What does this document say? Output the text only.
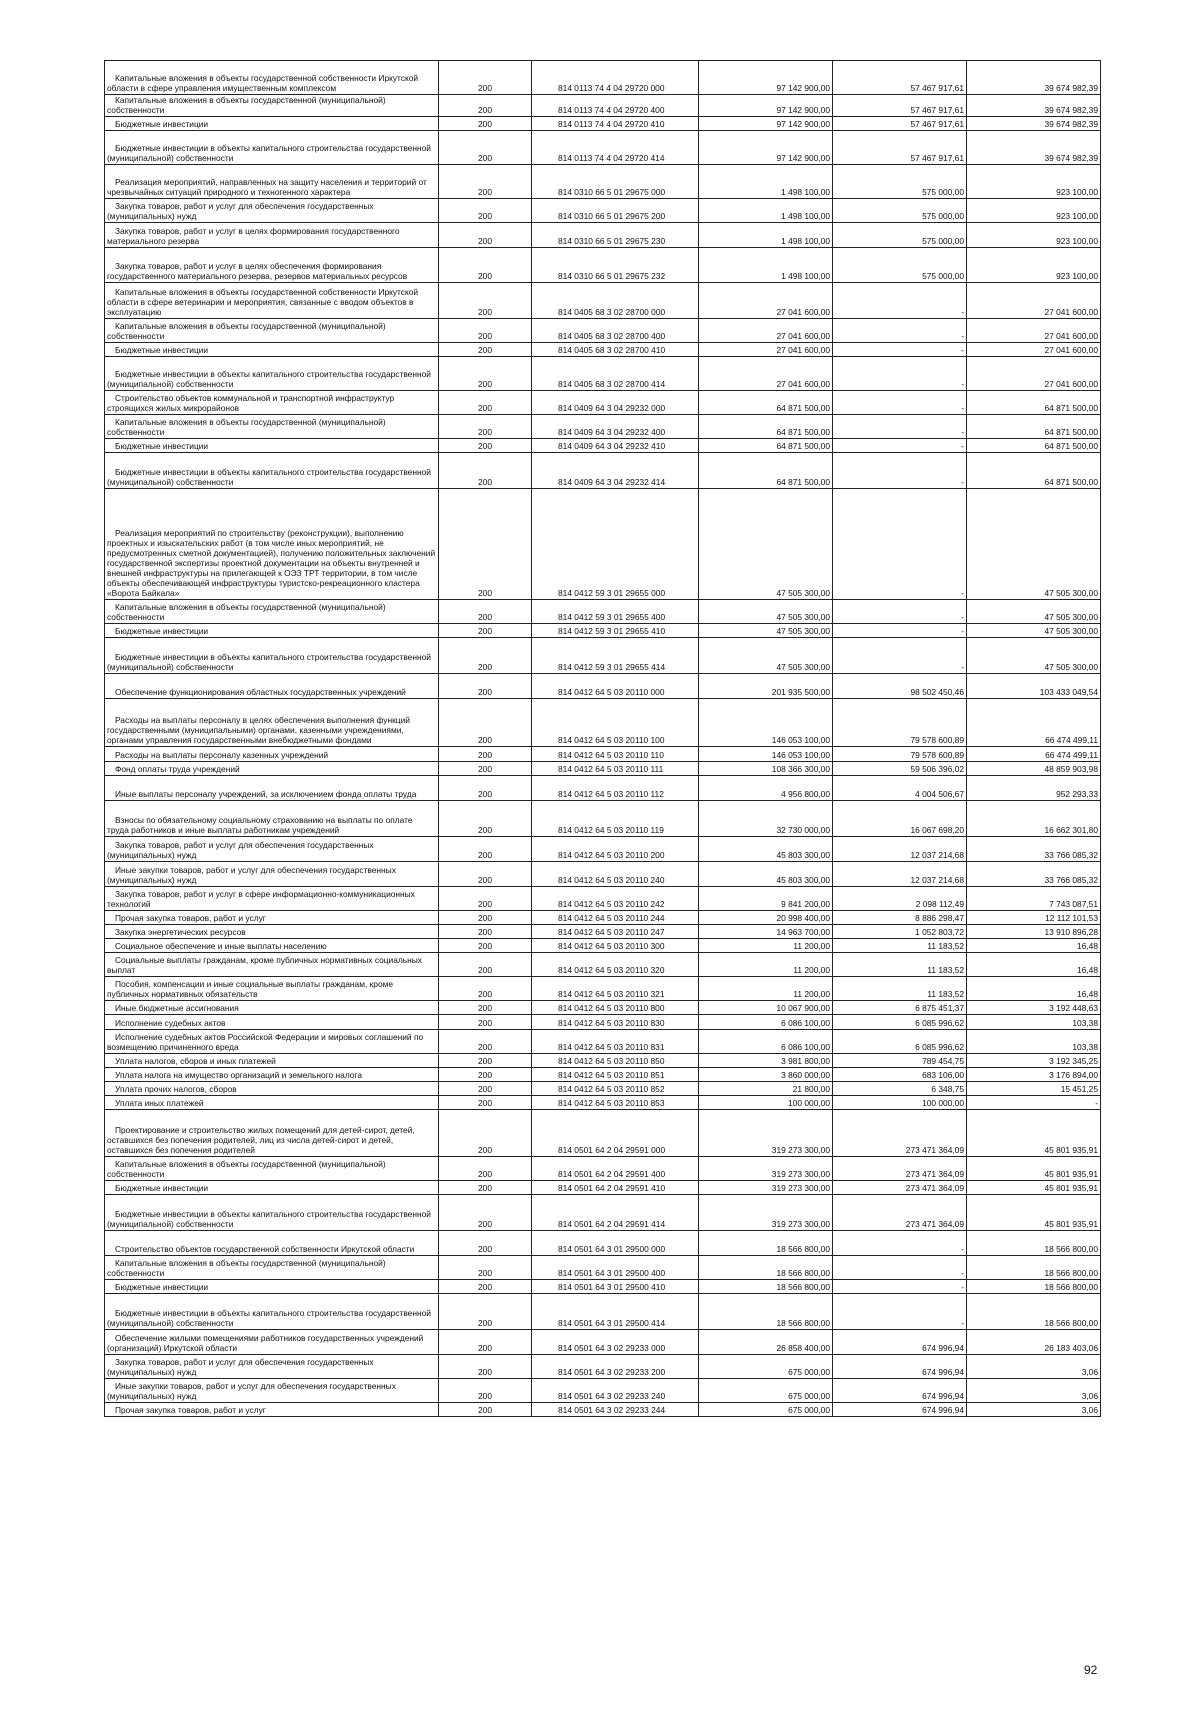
Капитальные вложения в объекты государственной собственности Иркутской области в сфере управления имущественным комплексом	200	814 0113 74 4 04 29720 000	97 142 900,00	57 467 917,61	39 674 982,39
Капитальные вложения в объекты государственной (муниципальной) собственности	200	814 0113 74 4 04 29720 400	97 142 900,00	57 467 917,61	39 674 982,39
Бюджетные инвестиции	200	814 0113 74 4 04 29720 410	97 142 900,00	57 467 917,61	39 674 982,39
Бюджетные инвестиции в объекты капитального строительства государственной (муниципальной) собственности	200	814 0113 74 4 04 29720 414	97 142 900,00	57 467 917,61	39 674 982,39
Реализация мероприятий, направленных на защиту населения и территорий от чрезвычайных ситуаций природного и техногенного характера	200	814 0310 66 5 01 29675 000	1 498 100,00	575 000,00	923 100,00
Закупка товаров, работ и услуг для обеспечения государственных (муниципальных) нужд	200	814 0310 66 5 01 29675 200	1 498 100,00	575 000,00	923 100,00
Закупка товаров, работ и услуг в целях формирования государственного материального резерва	200	814 0310 66 5 01 29675 230	1 498 100,00	575 000,00	923 100,00
Закупка товаров, работ и услуг в целях обеспечения формирования государственного материального резерва, резервов материальных ресурсов	200	814 0310 66 5 01 29675 232	1 498 100,00	575 000,00	923 100,00
Капитальные вложения в объекты государственной собственности Иркутской области в сфере ветеринарии и мероприятия, связанные с вводом объектов в эксплуатацию	200	814 0405 68 3 02 28700 000	27 041 600,00	-	27 041 600,00
Капитальные вложения в объекты государственной (муниципальной) собственности	200	814 0405 68 3 02 28700 400	27 041 600,00	-	27 041 600,00
Бюджетные инвестиции	200	814 0405 68 3 02 28700 410	27 041 600,00	-	27 041 600,00
Бюджетные инвестиции в объекты капитального строительства государственной (муниципальной) собственности	200	814 0405 68 3 02 28700 414	27 041 600,00	-	27 041 600,00
Строительство объектов коммунальной и транспортной инфраструктур строящихся жилых микрорайонов	200	814 0409 64 3 04 29232 000	64 871 500,00	-	64 871 500,00
Капитальные вложения в объекты государственной (муниципальной) собственности	200	814 0409 64 3 04 29232 400	64 871 500,00	-	64 871 500,00
Бюджетные инвестиции	200	814 0409 64 3 04 29232 410	64 871 500,00	-	64 871 500,00
Бюджетные инвестиции в объекты капитального строительства государственной (муниципальной) собственности	200	814 0409 64 3 04 29232 414	64 871 500,00	-	64 871 500,00
Реализация мероприятий по строительству (реконструкции), выполнению проектных и изыскательских работ (в том числе иных мероприятий, не предусмотренных сметной документацией), получению положительных заключений государственной экспертизы проектной документации на объекты внутренней и внешней инфраструктуры на прилегающей к ОЭЗ ТРТ территории, в том числе объекты обеспечивающей инфраструктуры туристско-рекреационного кластера «Ворота Байкала»	200	814 0412 59 3 01 29655 000	47 505 300,00	-	47 505 300,00
Капитальные вложения в объекты государственной (муниципальной) собственности	200	814 0412 59 3 01 29655 400	47 505 300,00	-	47 505 300,00
Бюджетные инвестиции	200	814 0412 59 3 01 29655 410	47 505 300,00	-	47 505 300,00
Бюджетные инвестиции в объекты капитального строительства государственной (муниципальной) собственности	200	814 0412 59 3 01 29655 414	47 505 300,00	-	47 505 300,00
Обеспечение функционирования областных государственных учреждений	200	814 0412 64 5 03 20110 000	201 935 500,00	98 502 450,46	103 433 049,54
Расходы на выплаты персоналу в целях обеспечения выполнения функций государственными (муниципальными) органами, казенными учреждениями, органами управления государственными внебюджетными фондами	200	814 0412 64 5 03 20110 100	146 053 100,00	79 578 600,89	66 474 499,11
Расходы на выплаты персоналу казенных учреждений	200	814 0412 64 5 03 20110 110	146 053 100,00	79 578 600,89	66 474 499,11
Фонд оплаты труда учреждений	200	814 0412 64 5 03 20110 111	108 366 300,00	59 506 396,02	48 859 903,98
Иные выплаты персоналу учреждений, за исключением фонда оплаты труда	200	814 0412 64 5 03 20110 112	4 956 800,00	4 004 506,67	952 293,33
Взносы по обязательному социальному страхованию на выплаты по оплате труда работников и иные выплаты работникам учреждений	200	814 0412 64 5 03 20110 119	32 730 000,00	16 067 698,20	16 662 301,80
Закупка товаров, работ и услуг для обеспечения государственных (муниципальных) нужд	200	814 0412 64 5 03 20110 200	45 803 300,00	12 037 214,68	33 766 085,32
Иные закупки товаров, работ и услуг для обеспечения государственных (муниципальных) нужд	200	814 0412 64 5 03 20110 240	45 803 300,00	12 037 214,68	33 766 085,32
Закупка товаров, работ и услуг в сфере информационно-коммуникационных технологий	200	814 0412 64 5 03 20110 242	9 841 200,00	2 098 112,49	7 743 087,51
Прочая закупка товаров, работ и услуг	200	814 0412 64 5 03 20110 244	20 998 400,00	8 886 298,47	12 112 101,53
Закупка энергетических ресурсов	200	814 0412 64 5 03 20110 247	14 963 700,00	1 052 803,72	13 910 896,28
Социальное обеспечение и иные выплаты населению	200	814 0412 64 5 03 20110 300	11 200,00	11 183,52	16,48
Социальные выплаты гражданам, кроме публичных нормативных социальных выплат	200	814 0412 64 5 03 20110 320	11 200,00	11 183,52	16,48
Пособия, компенсации и иные социальные выплаты гражданам, кроме публичных нормативных обязательств	200	814 0412 64 5 03 20110 321	11 200,00	11 183,52	16,48
Иные бюджетные ассигнования	200	814 0412 64 5 03 20110 800	10 067 900,00	6 875 451,37	3 192 448,63
Исполнение судебных актов	200	814 0412 64 5 03 20110 830	6 086 100,00	6 085 996,62	103,38
Исполнение судебных актов Российской Федерации и мировых соглашений по возмещению причиненного вреда	200	814 0412 64 5 03 20110 831	6 086 100,00	6 085 996,62	103,38
Уплата налогов, сборов и иных платежей	200	814 0412 64 5 03 20110 850	3 981 800,00	789 454,75	3 192 345,25
Уплата налога на имущество организаций и земельного налога	200	814 0412 64 5 03 20110 851	3 860 000,00	683 106,00	3 176 894,00
Уплата прочих налогов, сборов	200	814 0412 64 5 03 20110 852	21 800,00	6 348,75	15 451,25
Уплата иных платежей	200	814 0412 64 5 03 20110 853	100 000,00	100 000,00	-
Проектирование и строительство жилых помещений для детей-сирот, детей, оставшихся без попечения родителей, лиц из числа детей-сирот и детей, оставшихся без попечения родителей	200	814 0501 64 2 04 29591 000	319 273 300,00	273 471 364,09	45 801 935,91
Капитальные вложения в объекты государственной (муниципальной) собственности	200	814 0501 64 2 04 29591 400	319 273 300,00	273 471 364,09	45 801 935,91
Бюджетные инвестиции	200	814 0501 64 2 04 29591 410	319 273 300,00	273 471 364,09	45 801 935,91
Бюджетные инвестиции в объекты капитального строительства государственной (муниципальной) собственности	200	814 0501 64 2 04 29591 414	319 273 300,00	273 471 364,09	45 801 935,91
Строительство объектов государственной собственности Иркутской области	200	814 0501 64 3 01 29500 000	18 566 800,00	-	18 566 800,00
Капитальные вложения в объекты государственной (муниципальной) собственности	200	814 0501 64 3 01 29500 400	18 566 800,00	-	18 566 800,00
Бюджетные инвестиции	200	814 0501 64 3 01 29500 410	18 566 800,00	-	18 566 800,00
Бюджетные инвестиции в объекты капитального строительства государственной (муниципальной) собственности	200	814 0501 64 3 01 29500 414	18 566 800,00	-	18 566 800,00
Обеспечение жилыми помещениями работников государственных учреждений (организаций) Иркутской области	200	814 0501 64 3 02 29233 000	26 858 400,00	674 996,94	26 183 403,06
Закупка товаров, работ и услуг для обеспечения государственных (муниципальных) нужд	200	814 0501 64 3 02 29233 200	675 000,00	674 996,94	3,06
Иные закупки товаров, работ и услуг для обеспечения государственных (муниципальных) нужд	200	814 0501 64 3 02 29233 240	675 000,00	674 996,94	3,06
Прочая закупка товаров, работ и услуг	200	814 0501 64 3 02 29233 244	675 000,00	674 996,94	3,06
92
